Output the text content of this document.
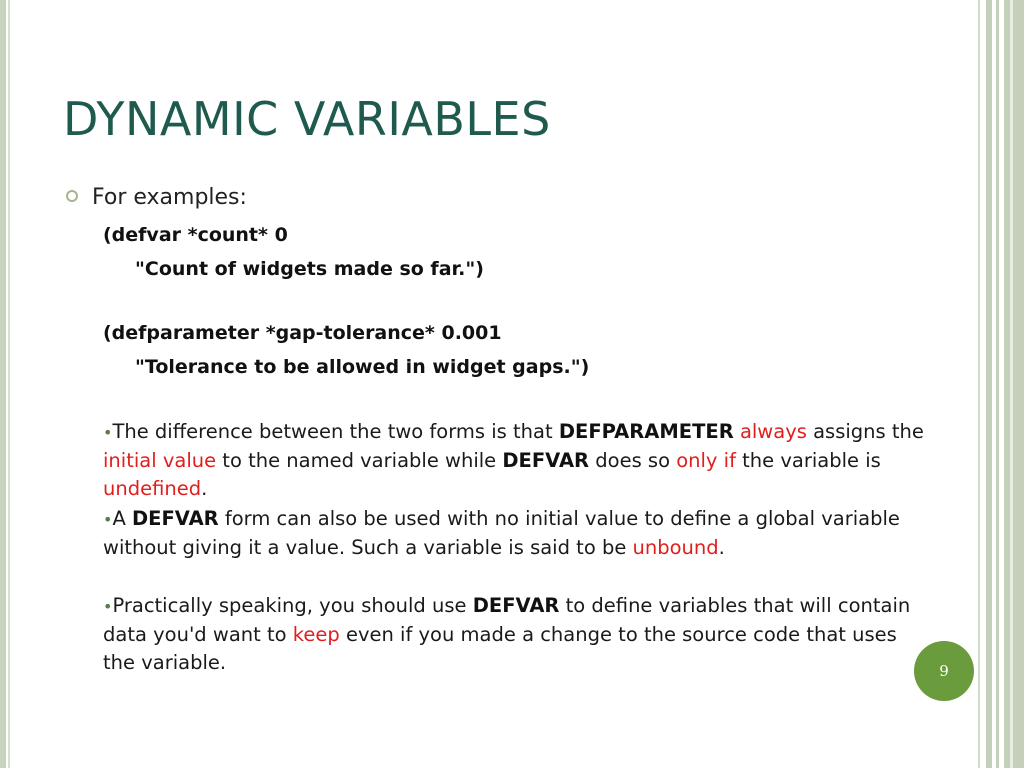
DYNAMIC VARIABLES
For examples:
(defvar *count* 0
"Count of widgets made so far.")
(defparameter *gap-tolerance* 0.001
"Tolerance to be allowed in widget gaps.")
•The difference between the two forms is that DEFPARAMETER always assigns the initial value to the named variable while DEFVAR does so only if the variable is undefined.
•A DEFVAR form can also be used with no initial value to define a global variable without giving it a value. Such a variable is said to be unbound.
•Practically speaking, you should use DEFVAR to define variables that will contain data you'd want to keep even if you made a change to the source code that uses the variable.	9
